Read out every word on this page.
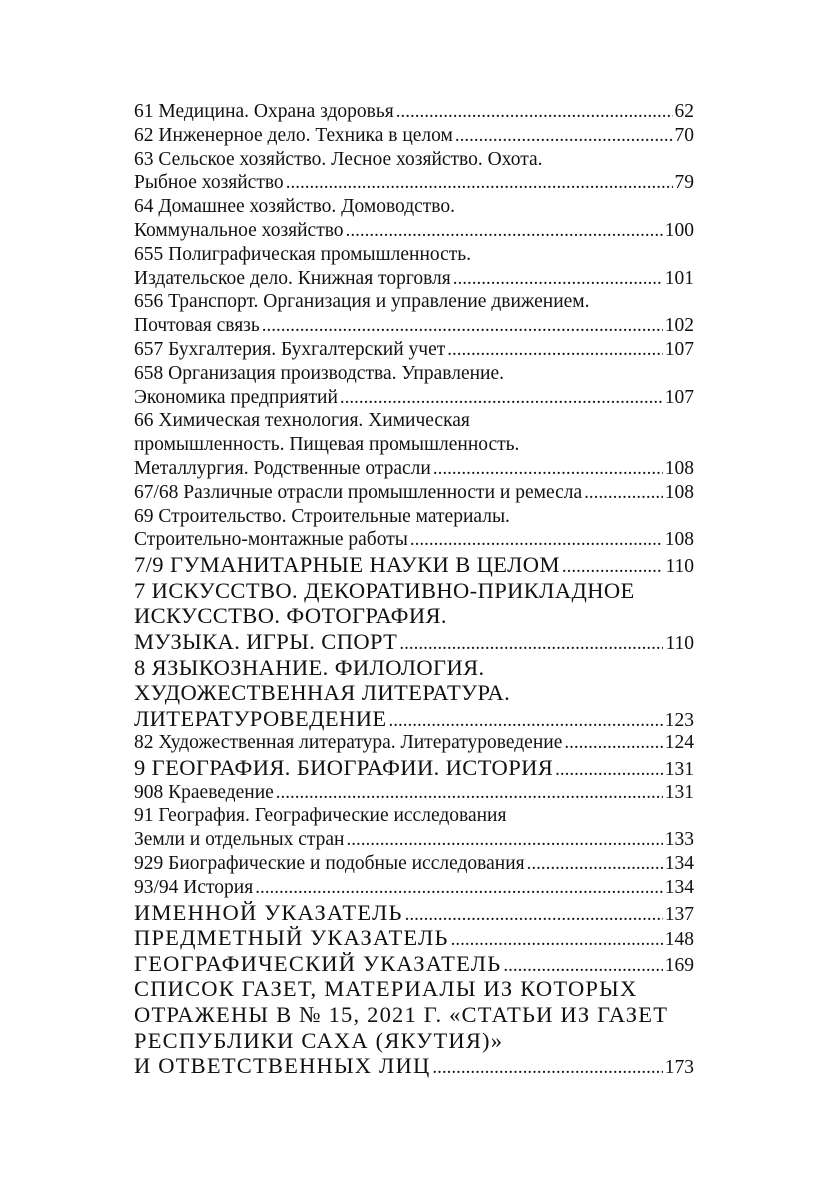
61 Медицина. Охрана здоровья .....	62
62 Инженерное дело. Техника в целом .....	70
63 Сельское хозяйство. Лесное хозяйство. Охота.
Рыбное хозяйство .....	79
64 Домашнее хозяйство. Домоводство.
Коммунальное хозяйство .....	100
655 Полиграфическая промышленность.
Издательское дело. Книжная торговля .....	101
656 Транспорт. Организация и управление движением.
Почтовая связь .....	102
657 Бухгалтерия. Бухгалтерский учет .....	107
658 Организация производства. Управление.
Экономика предприятий .....	107
66 Химическая технология. Химическая
промышленность. Пищевая промышленность.
Металлургия. Родственные отрасли .....	108
67/68 Различные отрасли промышленности и ремесла .....	108
69 Строительство. Строительные материалы.
Строительно-монтажные работы .....	108
7/9 ГУМАНИТАРНЫЕ НАУКИ В ЦЕЛОМ .....	110
7 ИСКУССТВО. ДЕКОРАТИВНО-ПРИКЛАДНОЕ
ИСКУССТВО. ФОТОГРАФИЯ.
МУЗЫКА. ИГРЫ. СПОРТ .....	110
8 ЯЗЫКОЗНАНИЕ. ФИЛОЛОГИЯ.
ХУДОЖЕСТВЕННАЯ ЛИТЕРАТУРА.
ЛИТЕРАТУРОВЕДЕНИЕ .....	123
82 Художественная литература. Литературоведение .....	124
9 ГЕОГРАФИЯ. БИОГРАФИИ. ИСТОРИЯ .....	131
908 Краеведение .....	131
91 География. Географические исследования
Земли и отдельных стран .....	133
929 Биографические и подобные исследования .....	134
93/94 История .....	134
ИМЕННОЙ УКАЗАТЕЛЬ .....	137
ПРЕДМЕТНЫЙ УКАЗАТЕЛЬ .....	148
ГЕОГРАФИЧЕСКИЙ УКАЗАТЕЛЬ .....	169
СПИСОК ГАЗЕТ, МАТЕРИАЛЫ ИЗ КОТОРЫХ
ОТРАЖЕНЫ В № 15, 2021 Г. «СТАТЬИ ИЗ ГАЗЕТ
РЕСПУБЛИКИ САХА (ЯКУТИЯ)»
И ОТВЕТСТВЕННЫХ ЛИЦ .....	173
